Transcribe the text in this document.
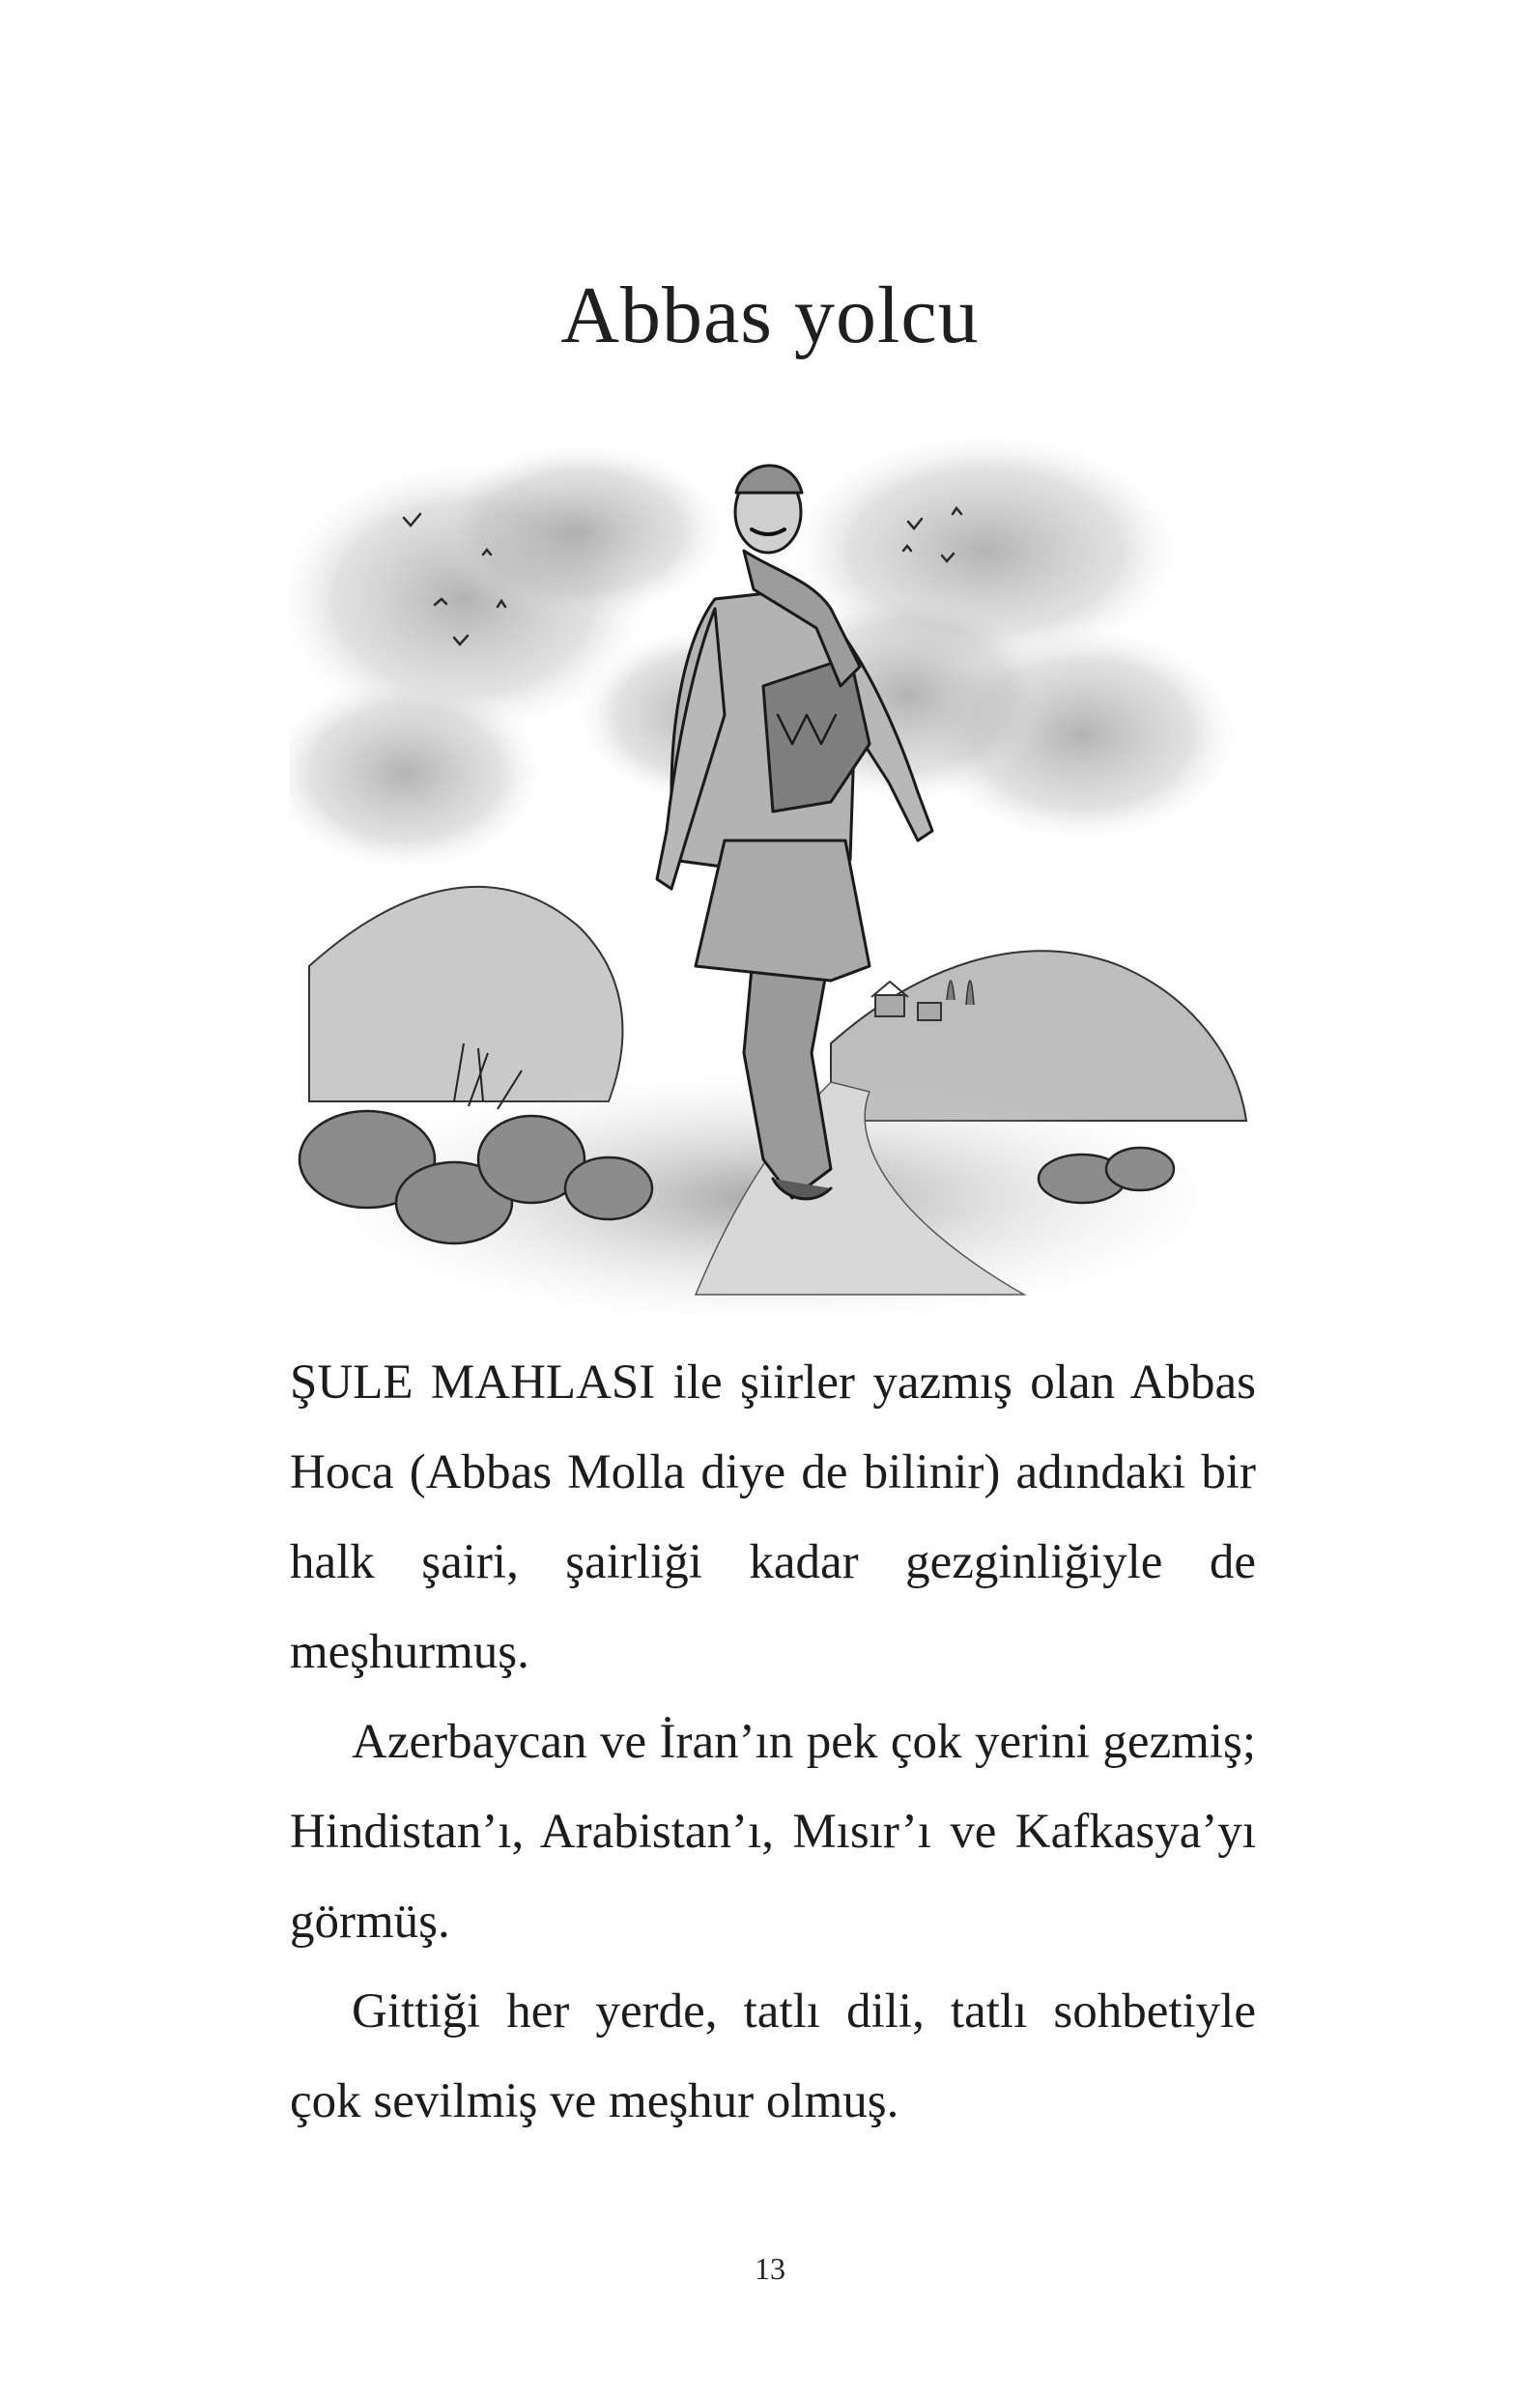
Abbas yolcu

ŞULE MAHLASI ile şiirler yazmış olan Abbas Hoca (Abbas Molla diye de bilinir) adındaki bir halk şairi, şairliği kadar gezginliğiyle de meşhurmuş.

Azerbaycan ve İran’ın pek çok yerini gezmiş; Hindistan’ı, Arabistan’ı, Mısır’ı ve Kafkasya’yı görmüş.

Gittiği her yerde, tatlı dili, tatlı sohbetiyle çok sevilmiş ve meşhur olmuş.

13
